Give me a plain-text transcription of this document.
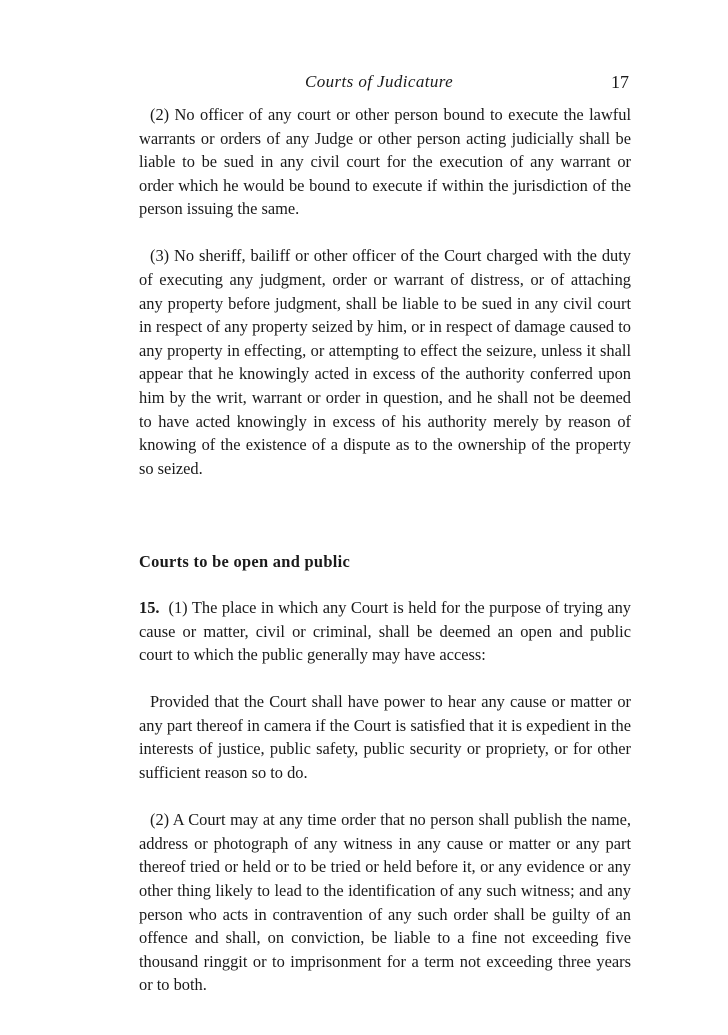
Courts of Judicature	17

(2) No officer of any court or other person bound to execute the lawful warrants or orders of any Judge or other person acting judicially shall be liable to be sued in any civil court for the execution of any warrant or order which he would be bound to execute if within the jurisdiction of the person issuing the same.

(3) No sheriff, bailiff or other officer of the Court charged with the duty of executing any judgment, order or warrant of distress, or of attaching any property before judgment, shall be liable to be sued in any civil court in respect of any property seized by him, or in respect of damage caused to any property in effecting, or attempting to effect the seizure, unless it shall appear that he knowingly acted in excess of the authority conferred upon him by the writ, warrant or order in question, and he shall not be deemed to have acted knowingly in excess of his authority merely by reason of knowing of the existence of a dispute as to the ownership of the property so seized.

Courts to be open and public

15. (1) The place in which any Court is held for the purpose of trying any cause or matter, civil or criminal, shall be deemed an open and public court to which the public generally may have access:

Provided that the Court shall have power to hear any cause or matter or any part thereof in camera if the Court is satisfied that it is expedient in the interests of justice, public safety, public security or propriety, or for other sufficient reason so to do.

(2) A Court may at any time order that no person shall publish the name, address or photograph of any witness in any cause or matter or any part thereof tried or held or to be tried or held before it, or any evidence or any other thing likely to lead to the identification of any such witness; and any person who acts in contravention of any such order shall be guilty of an offence and shall, on conviction, be liable to a fine not exceeding five thousand ringgit or to imprisonment for a term not exceeding three years or to both.
